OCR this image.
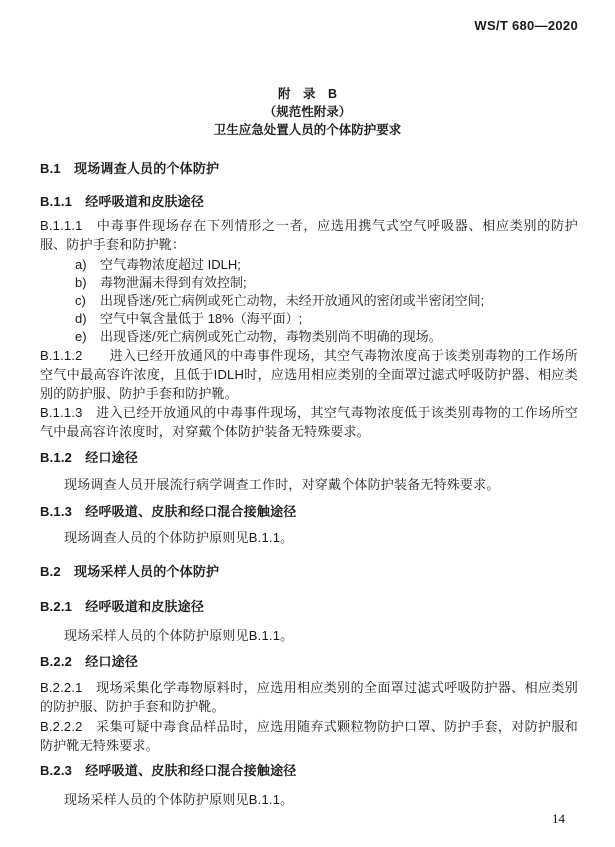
WS/T 680—2020
附　录　B
（规范性附录）
卫生应急处置人员的个体防护要求
B.1　现场调查人员的个体防护
B.1.1　经呼吸道和皮肤途径
B.1.1.1　中毒事件现场存在下列情形之一者，应选用携气式空气呼吸器、相应类别的防护服、防护手套和防护靴：
a)	空气毒物浓度超过 IDLH;
b)	毒物泄漏未得到有效控制;
c)	出现昏迷/死亡病例或死亡动物，未经开放通风的密闭或半密闭空间;
d)	空气中氧含量低于 18%（海平面）;
e)	出现昏迷/死亡病例或死亡动物，毒物类别尚不明确的现场。
B.1.1.2　　进入已经开放通风的中毒事件现场，其空气毒物浓度高于该类别毒物的工作场所空气中最高容许浓度，且低于IDLH时，应选用相应类别的全面罩过滤式呼吸防护器、相应类别的防护服、防护手套和防护靴。
B.1.1.3　进入已经开放通风的中毒事件现场，其空气毒物浓度低于该类别毒物的工作场所空气中最高容许浓度时，对穿戴个体防护装备无特殊要求。
B.1.2　经口途径
现场调查人员开展流行病学调查工作时，对穿戴个体防护装备无特殊要求。
B.1.3　经呼吸道、皮肤和经口混合接触途径
现场调查人员的个体防护原则见B.1.1。
B.2　现场采样人员的个体防护
B.2.1　经呼吸道和皮肤途径
现场采样人员的个体防护原则见B.1.1。
B.2.2　经口途径
B.2.2.1　现场采集化学毒物原料时，应选用相应类别的全面罩过滤式呼吸防护器、相应类别的防护服、防护手套和防护靴。
B.2.2.2　采集可疑中毒食品样品时，应选用随弃式颗粒物防护口罩、防护手套，对防护服和防护靴无特殊要求。
B.2.3　经呼吸道、皮肤和经口混合接触途径
现场采样人员的个体防护原则见B.1.1。
14
